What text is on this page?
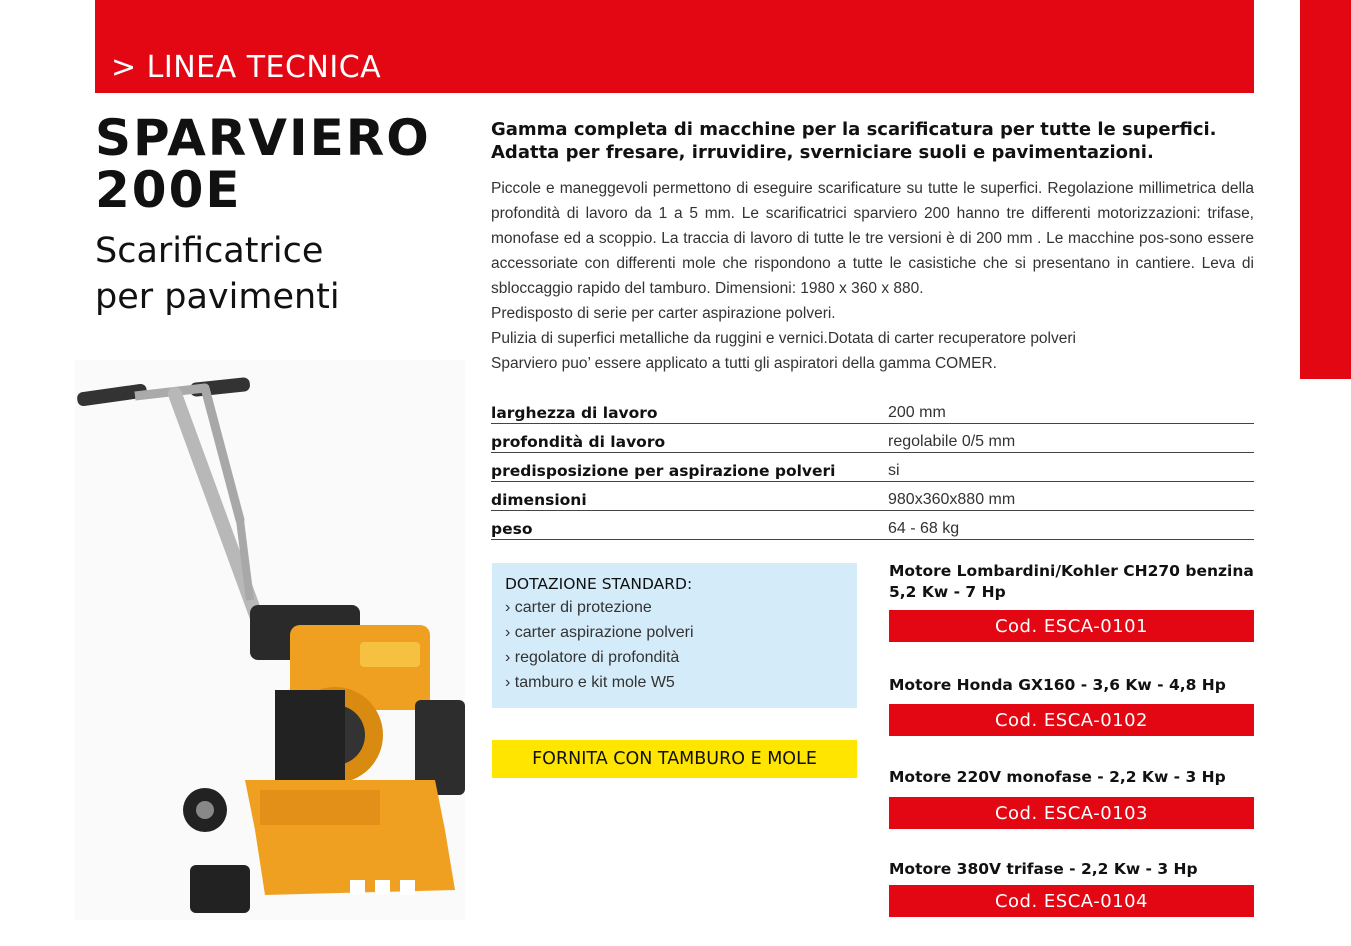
> LINEA TECNICA
SPARVIERO
200E
Scarificatrice
per pavimenti
Gamma completa di macchine per la scarificatura per tutte le superfici. Adatta per fresare, irruvidire, sverniciare suoli e pavimentazioni.

Piccole e maneggevoli permettono di eseguire scarificature su tutte le superfici. Regolazione millimetrica della profondità di lavoro da 1 a 5 mm. Le scarificatrici sparviero 200 hanno tre differenti motorizzazioni: trifase, monofase ed a scoppio. La traccia di lavoro di tutte le tre versioni è di 200 mm . Le macchine pos-sono essere accessoriate con differenti mole che rispondono a tutte le casistiche che si presentano in cantiere. Leva di sbloccaggio rapido del tamburo. Dimensioni: 1980 x 360 x 880.

Predisposto di serie per carter aspirazione polveri.

Pulizia di superfici metalliche da ruggini e vernici.Dotata di carter recuperatore polveri

Sparviero puo’ essere applicato a tutti gli aspiratori della gamma COMER.

larghezza di lavoro	200 mm
profondità di lavoro	regolabile 0/5 mm
predisposizione per aspirazione polveri	si
dimensioni	980x360x880 mm
peso	64 - 68 kg
DOTAZIONE STANDARD:
› carter di protezione
› carter aspirazione polveri
› regolatore di profondità
› tamburo e kit mole W5
FORNITA CON TAMBURO E MOLE
Motore Lombardini/Kohler CH270 benzina
5,2 Kw - 7 Hp
Cod. ESCA-0101
Motore Honda GX160 - 3,6 Kw - 4,8 Hp
Cod. ESCA-0102
Motore 220V monofase - 2,2 Kw - 3 Hp
Cod. ESCA-0103
Motore 380V trifase - 2,2 Kw - 3 Hp
Cod. ESCA-0104
